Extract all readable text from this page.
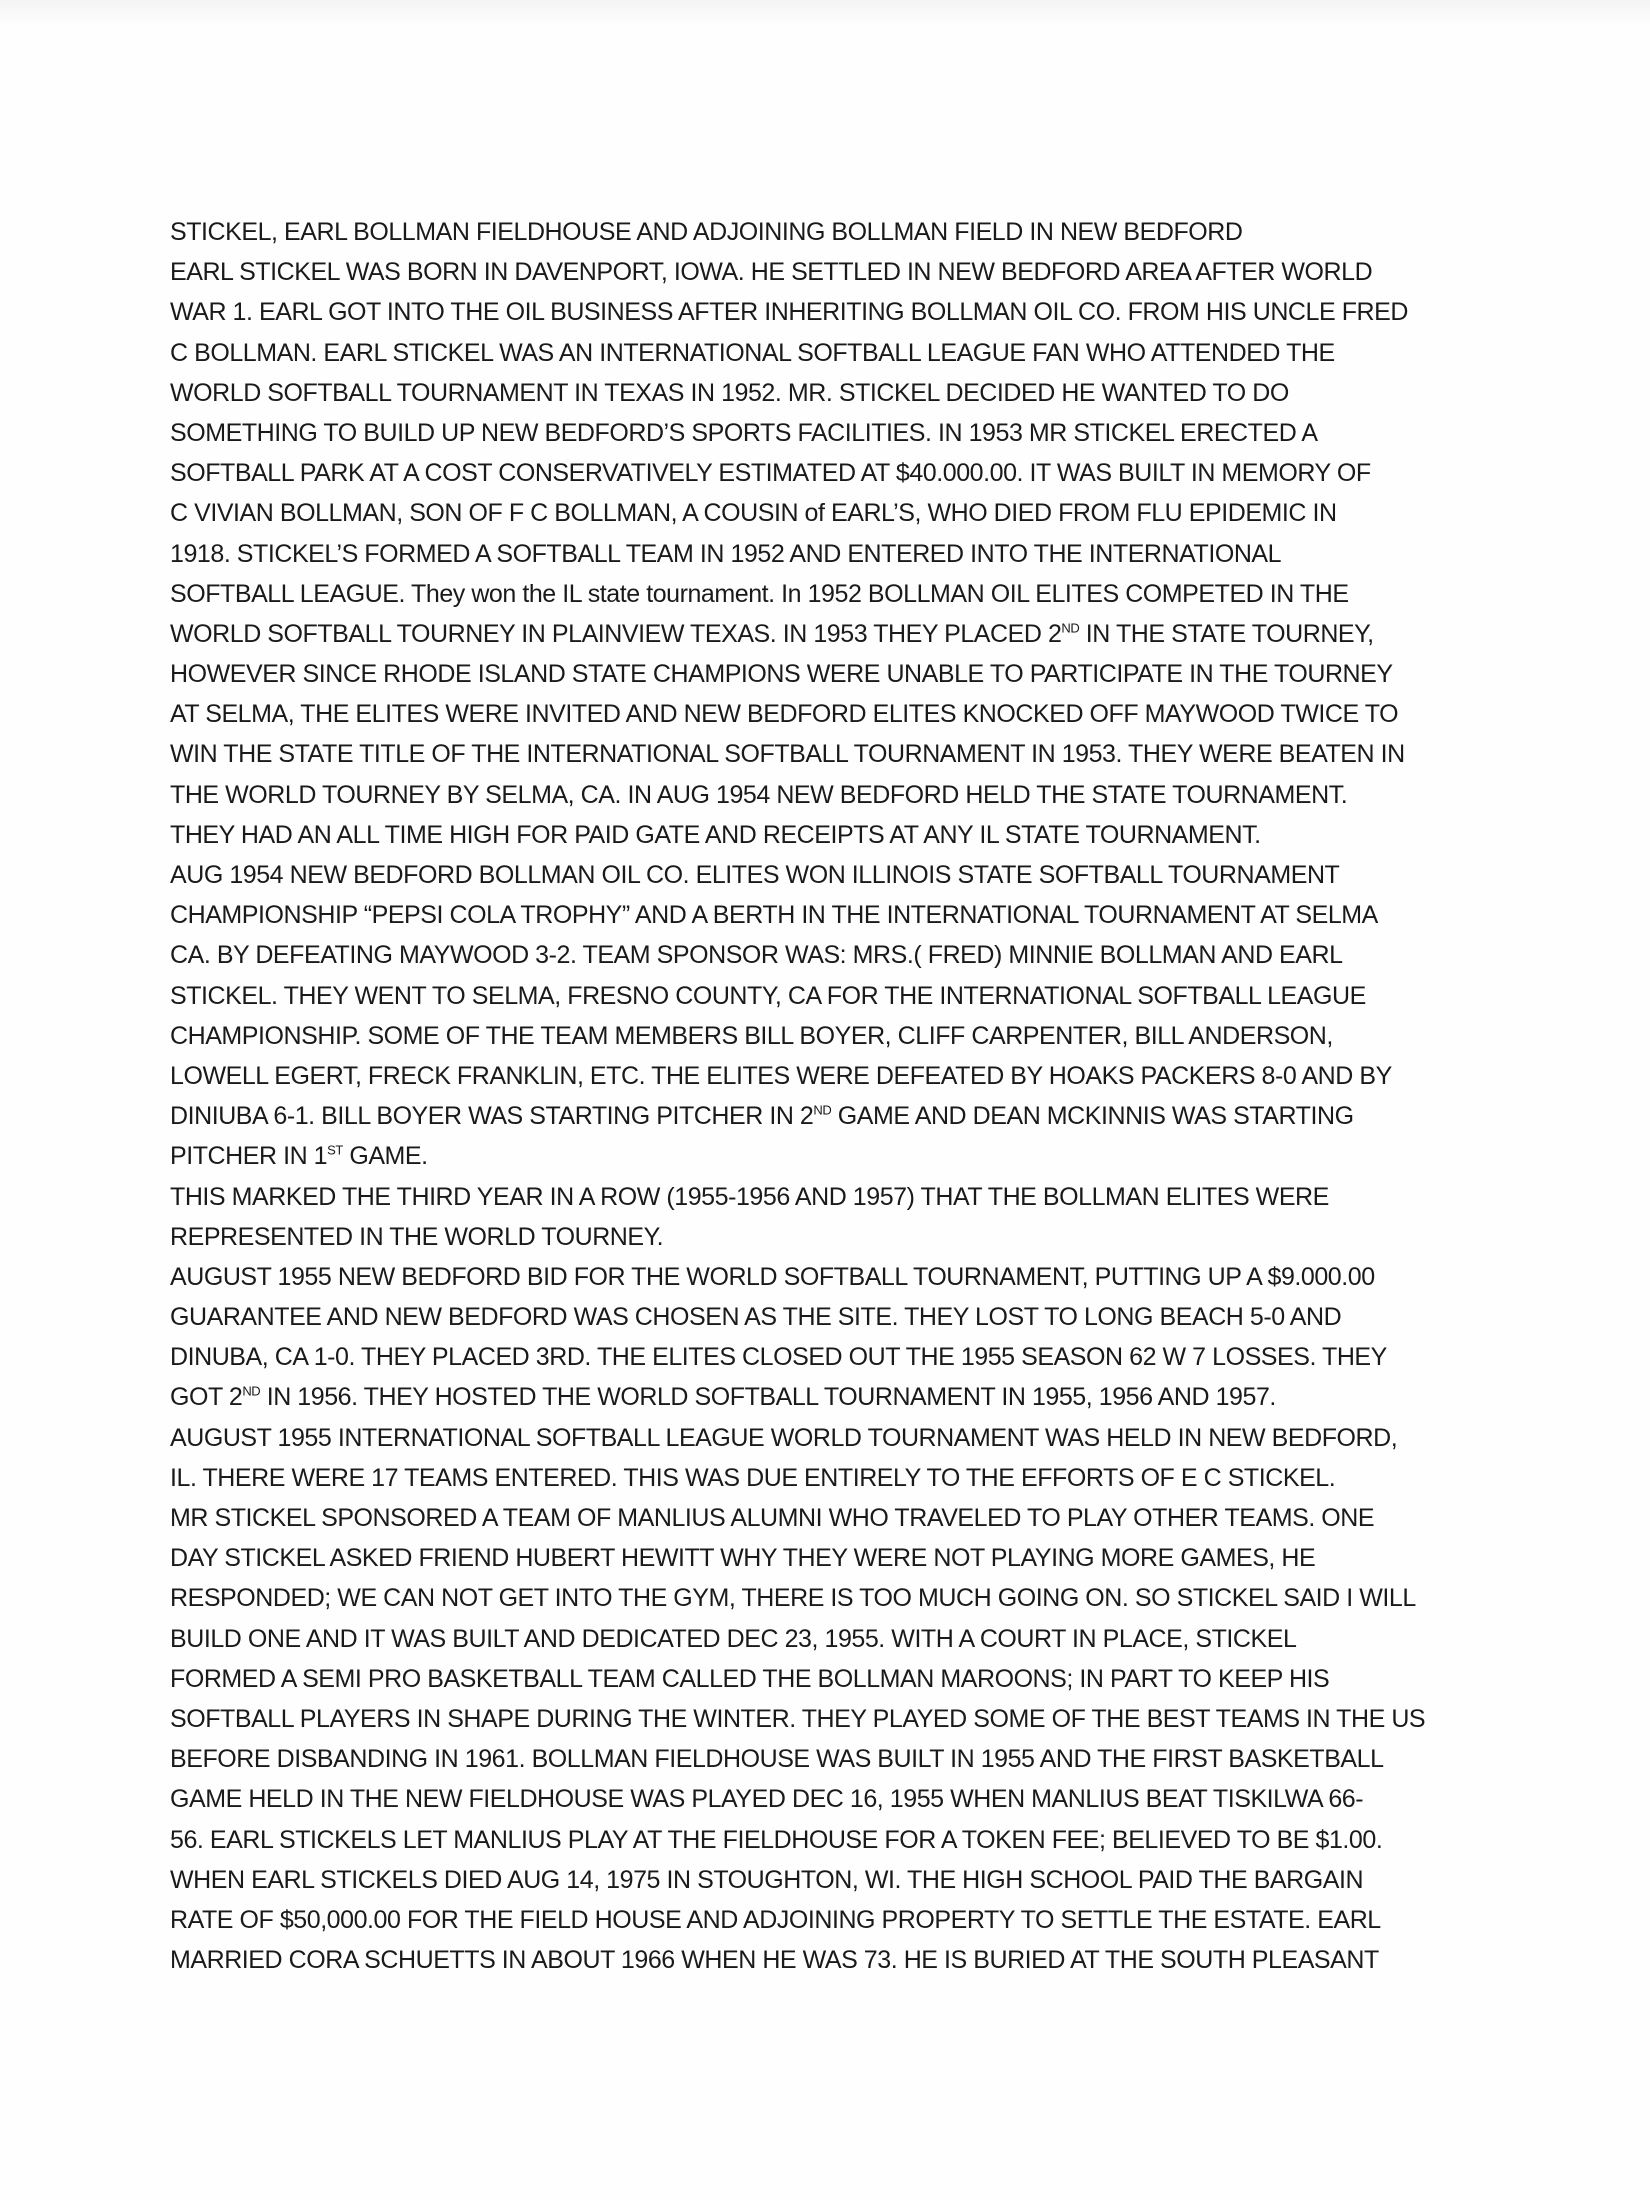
STICKEL, EARL BOLLMAN FIELDHOUSE AND ADJOINING BOLLMAN FIELD IN NEW BEDFORD
EARL STICKEL WAS BORN IN DAVENPORT, IOWA. HE SETTLED IN NEW BEDFORD AREA AFTER WORLD
WAR 1. EARL GOT INTO THE OIL BUSINESS AFTER INHERITING BOLLMAN OIL CO. FROM HIS UNCLE FRED
C BOLLMAN. EARL STICKEL WAS AN INTERNATIONAL SOFTBALL LEAGUE FAN WHO ATTENDED THE
WORLD SOFTBALL TOURNAMENT IN TEXAS IN 1952. MR. STICKEL DECIDED HE WANTED TO DO
SOMETHING TO BUILD UP NEW BEDFORD’S SPORTS FACILITIES. IN 1953 MR STICKEL ERECTED A
SOFTBALL PARK AT A COST CONSERVATIVELY ESTIMATED AT $40.000.00. IT WAS BUILT IN MEMORY OF
C VIVIAN BOLLMAN, SON OF F C BOLLMAN, A COUSIN of EARL’S, WHO DIED FROM FLU EPIDEMIC IN
1918. STICKEL’S FORMED A SOFTBALL TEAM IN 1952 AND ENTERED INTO THE INTERNATIONAL
SOFTBALL LEAGUE. They won the IL state tournament. In 1952 BOLLMAN OIL ELITES COMPETED IN THE
WORLD SOFTBALL TOURNEY IN PLAINVIEW TEXAS. IN 1953 THEY PLACED 2ND IN THE STATE TOURNEY,
HOWEVER SINCE RHODE ISLAND STATE CHAMPIONS WERE UNABLE TO PARTICIPATE IN THE TOURNEY
AT SELMA, THE ELITES WERE INVITED AND NEW BEDFORD ELITES KNOCKED OFF MAYWOOD TWICE TO
WIN THE STATE TITLE OF THE INTERNATIONAL SOFTBALL TOURNAMENT IN 1953. THEY WERE BEATEN IN
THE WORLD TOURNEY BY SELMA, CA. IN AUG 1954 NEW BEDFORD HELD THE STATE TOURNAMENT.
THEY HAD AN ALL TIME HIGH FOR PAID GATE AND RECEIPTS AT ANY IL STATE TOURNAMENT.
AUG 1954 NEW BEDFORD BOLLMAN OIL CO. ELITES WON ILLINOIS STATE SOFTBALL TOURNAMENT
CHAMPIONSHIP “PEPSI COLA TROPHY” AND A BERTH IN THE INTERNATIONAL TOURNAMENT AT SELMA
CA. BY DEFEATING MAYWOOD 3-2. TEAM SPONSOR WAS: MRS.( FRED) MINNIE BOLLMAN AND EARL
STICKEL. THEY WENT TO SELMA, FRESNO COUNTY, CA FOR THE INTERNATIONAL SOFTBALL LEAGUE
CHAMPIONSHIP. SOME OF THE TEAM MEMBERS BILL BOYER, CLIFF CARPENTER, BILL ANDERSON,
LOWELL EGERT, FRECK FRANKLIN, ETC. THE ELITES WERE DEFEATED BY HOAKS PACKERS 8-0 AND BY
DINIUBA 6-1. BILL BOYER WAS STARTING PITCHER IN 2ND GAME AND DEAN MCKINNIS WAS STARTING
PITCHER IN 1ST GAME.
THIS MARKED THE THIRD YEAR IN A ROW (1955-1956 AND 1957) THAT THE BOLLMAN ELITES WERE
REPRESENTED IN THE WORLD TOURNEY.
AUGUST 1955 NEW BEDFORD BID FOR THE WORLD SOFTBALL TOURNAMENT, PUTTING UP A $9.000.00
GUARANTEE AND NEW BEDFORD WAS CHOSEN AS THE SITE. THEY LOST TO LONG BEACH 5-0 AND
DINUBA, CA 1-0. THEY PLACED 3RD. THE ELITES CLOSED OUT THE 1955 SEASON 62 W 7 LOSSES. THEY
GOT 2ND IN 1956. THEY HOSTED THE WORLD SOFTBALL TOURNAMENT IN 1955, 1956 AND 1957.
AUGUST 1955 INTERNATIONAL SOFTBALL LEAGUE WORLD TOURNAMENT WAS HELD IN NEW BEDFORD,
IL. THERE WERE 17 TEAMS ENTERED. THIS WAS DUE ENTIRELY TO THE EFFORTS OF E C STICKEL.
MR STICKEL SPONSORED A TEAM OF MANLIUS ALUMNI WHO TRAVELED TO PLAY OTHER TEAMS. ONE
DAY STICKEL ASKED FRIEND HUBERT HEWITT WHY THEY WERE NOT PLAYING MORE GAMES, HE
RESPONDED; WE CAN NOT GET INTO THE GYM, THERE IS TOO MUCH GOING ON. SO STICKEL SAID I WILL
BUILD ONE AND IT WAS BUILT AND DEDICATED DEC 23, 1955. WITH A COURT IN PLACE, STICKEL
FORMED A SEMI PRO BASKETBALL TEAM CALLED THE BOLLMAN MAROONS; IN PART TO KEEP HIS
SOFTBALL PLAYERS IN SHAPE DURING THE WINTER. THEY PLAYED SOME OF THE BEST TEAMS IN THE US
BEFORE DISBANDING IN 1961. BOLLMAN FIELDHOUSE WAS BUILT IN 1955 AND THE FIRST BASKETBALL
GAME HELD IN THE NEW FIELDHOUSE WAS PLAYED DEC 16, 1955 WHEN MANLIUS BEAT TISKILWA 66-
56. EARL STICKELS LET MANLIUS PLAY AT THE FIELDHOUSE FOR A TOKEN FEE; BELIEVED TO BE $1.00.
WHEN EARL STICKELS DIED AUG 14, 1975 IN STOUGHTON, WI. THE HIGH SCHOOL PAID THE BARGAIN
RATE OF $50,000.00 FOR THE FIELD HOUSE AND ADJOINING PROPERTY TO SETTLE THE ESTATE. EARL
MARRIED CORA SCHUETTS IN ABOUT 1966 WHEN HE WAS 73. HE IS BURIED AT THE SOUTH PLEASANT
